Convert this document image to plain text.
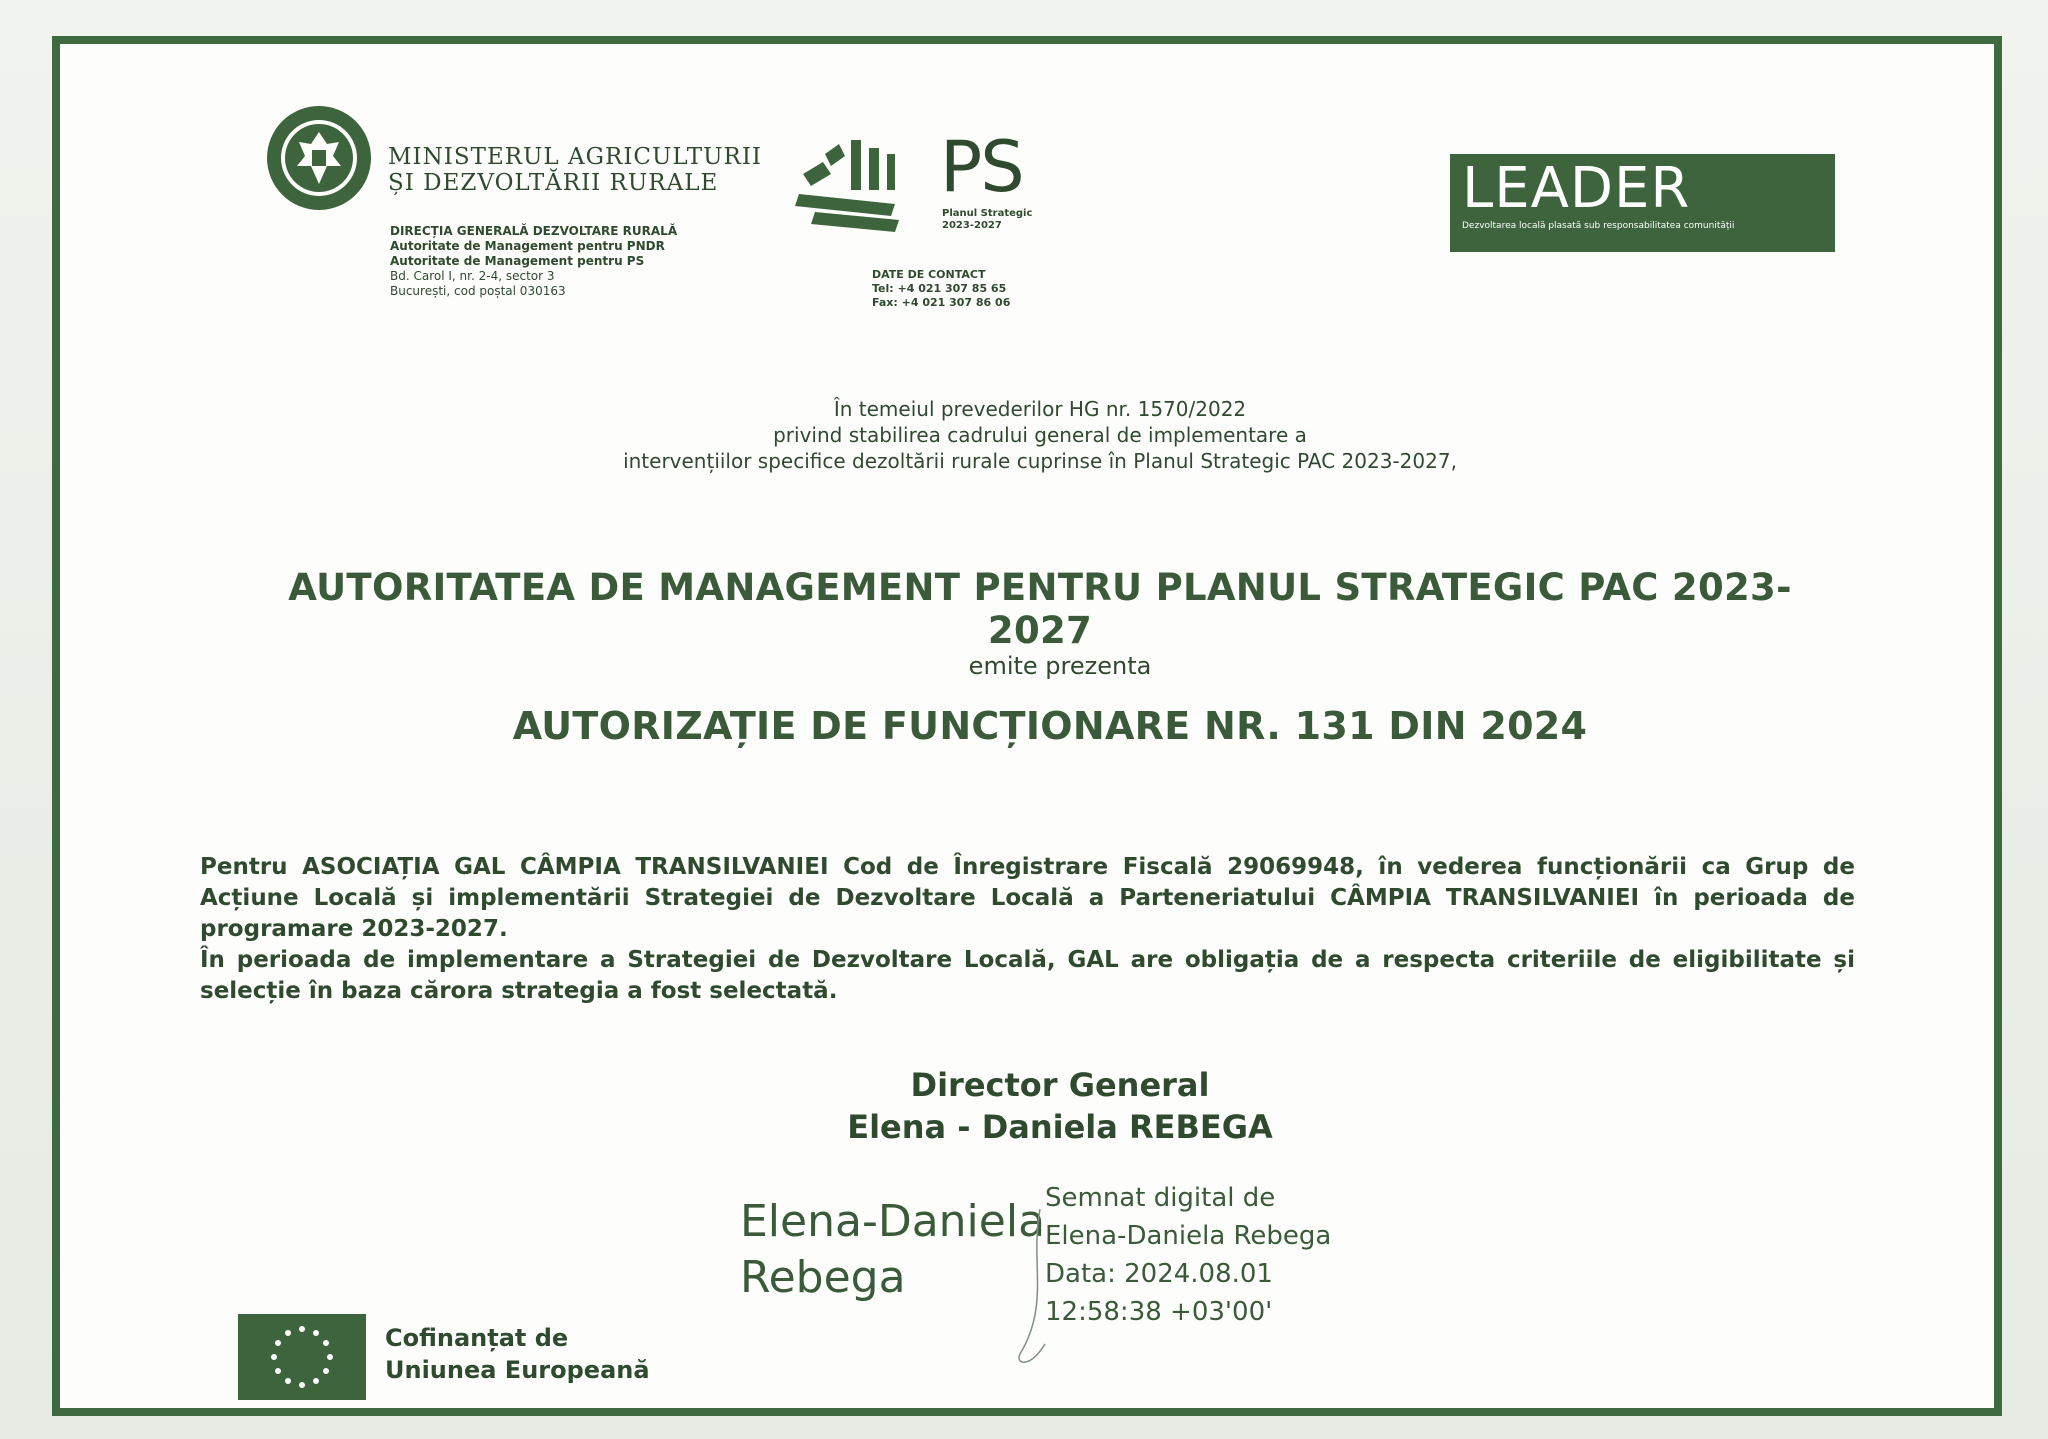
MINISTERUL AGRICULTURII
ȘI DEZVOLTĂRII RURALE
DIRECȚIA GENERALĂ DEZVOLTARE RURALĂ
Autoritate de Management pentru PNDR
Autoritate de Management pentru PS
Bd. Carol I, nr. 2-4, sector 3
București, cod poștal 030163
PS
Planul Strategic
2023-2027
DATE DE CONTACT
Tel: +4 021 307 85 65
Fax: +4 021 307 86 06
LEADER
Dezvoltarea locală plasată sub responsabilitatea comunității
În temeiul prevederilor HG nr. 1570/2022
privind stabilirea cadrului general de implementare a
intervențiilor specifice dezoltării rurale cuprinse în Planul Strategic PAC 2023-2027,
AUTORITATEA DE MANAGEMENT PENTRU PLANUL STRATEGIC PAC 2023-2027
emite prezenta
AUTORIZAȚIE DE FUNCȚIONARE NR. 131 DIN 2024

Pentru ASOCIAȚIA GAL CÂMPIA TRANSILVANIEI Cod de Înregistrare Fiscală 29069948, în vederea funcționării ca Grup de Acțiune Locală și implementării Strategiei de Dezvoltare Locală a Parteneriatului CÂMPIA TRANSILVANIEI în perioada de programare 2023-2027.

În perioada de implementare a Strategiei de Dezvoltare Locală, GAL are obligația de a respecta criteriile de eligibilitate și selecție în baza cărora strategia a fost selectată.

Director General
Elena - Daniela REBEGA
Elena-Daniela
Rebega
Semnat digital de
Elena-Daniela Rebega
Data: 2024.08.01
12:58:38 +03'00'
Cofinanțat de
Uniunea Europeană
